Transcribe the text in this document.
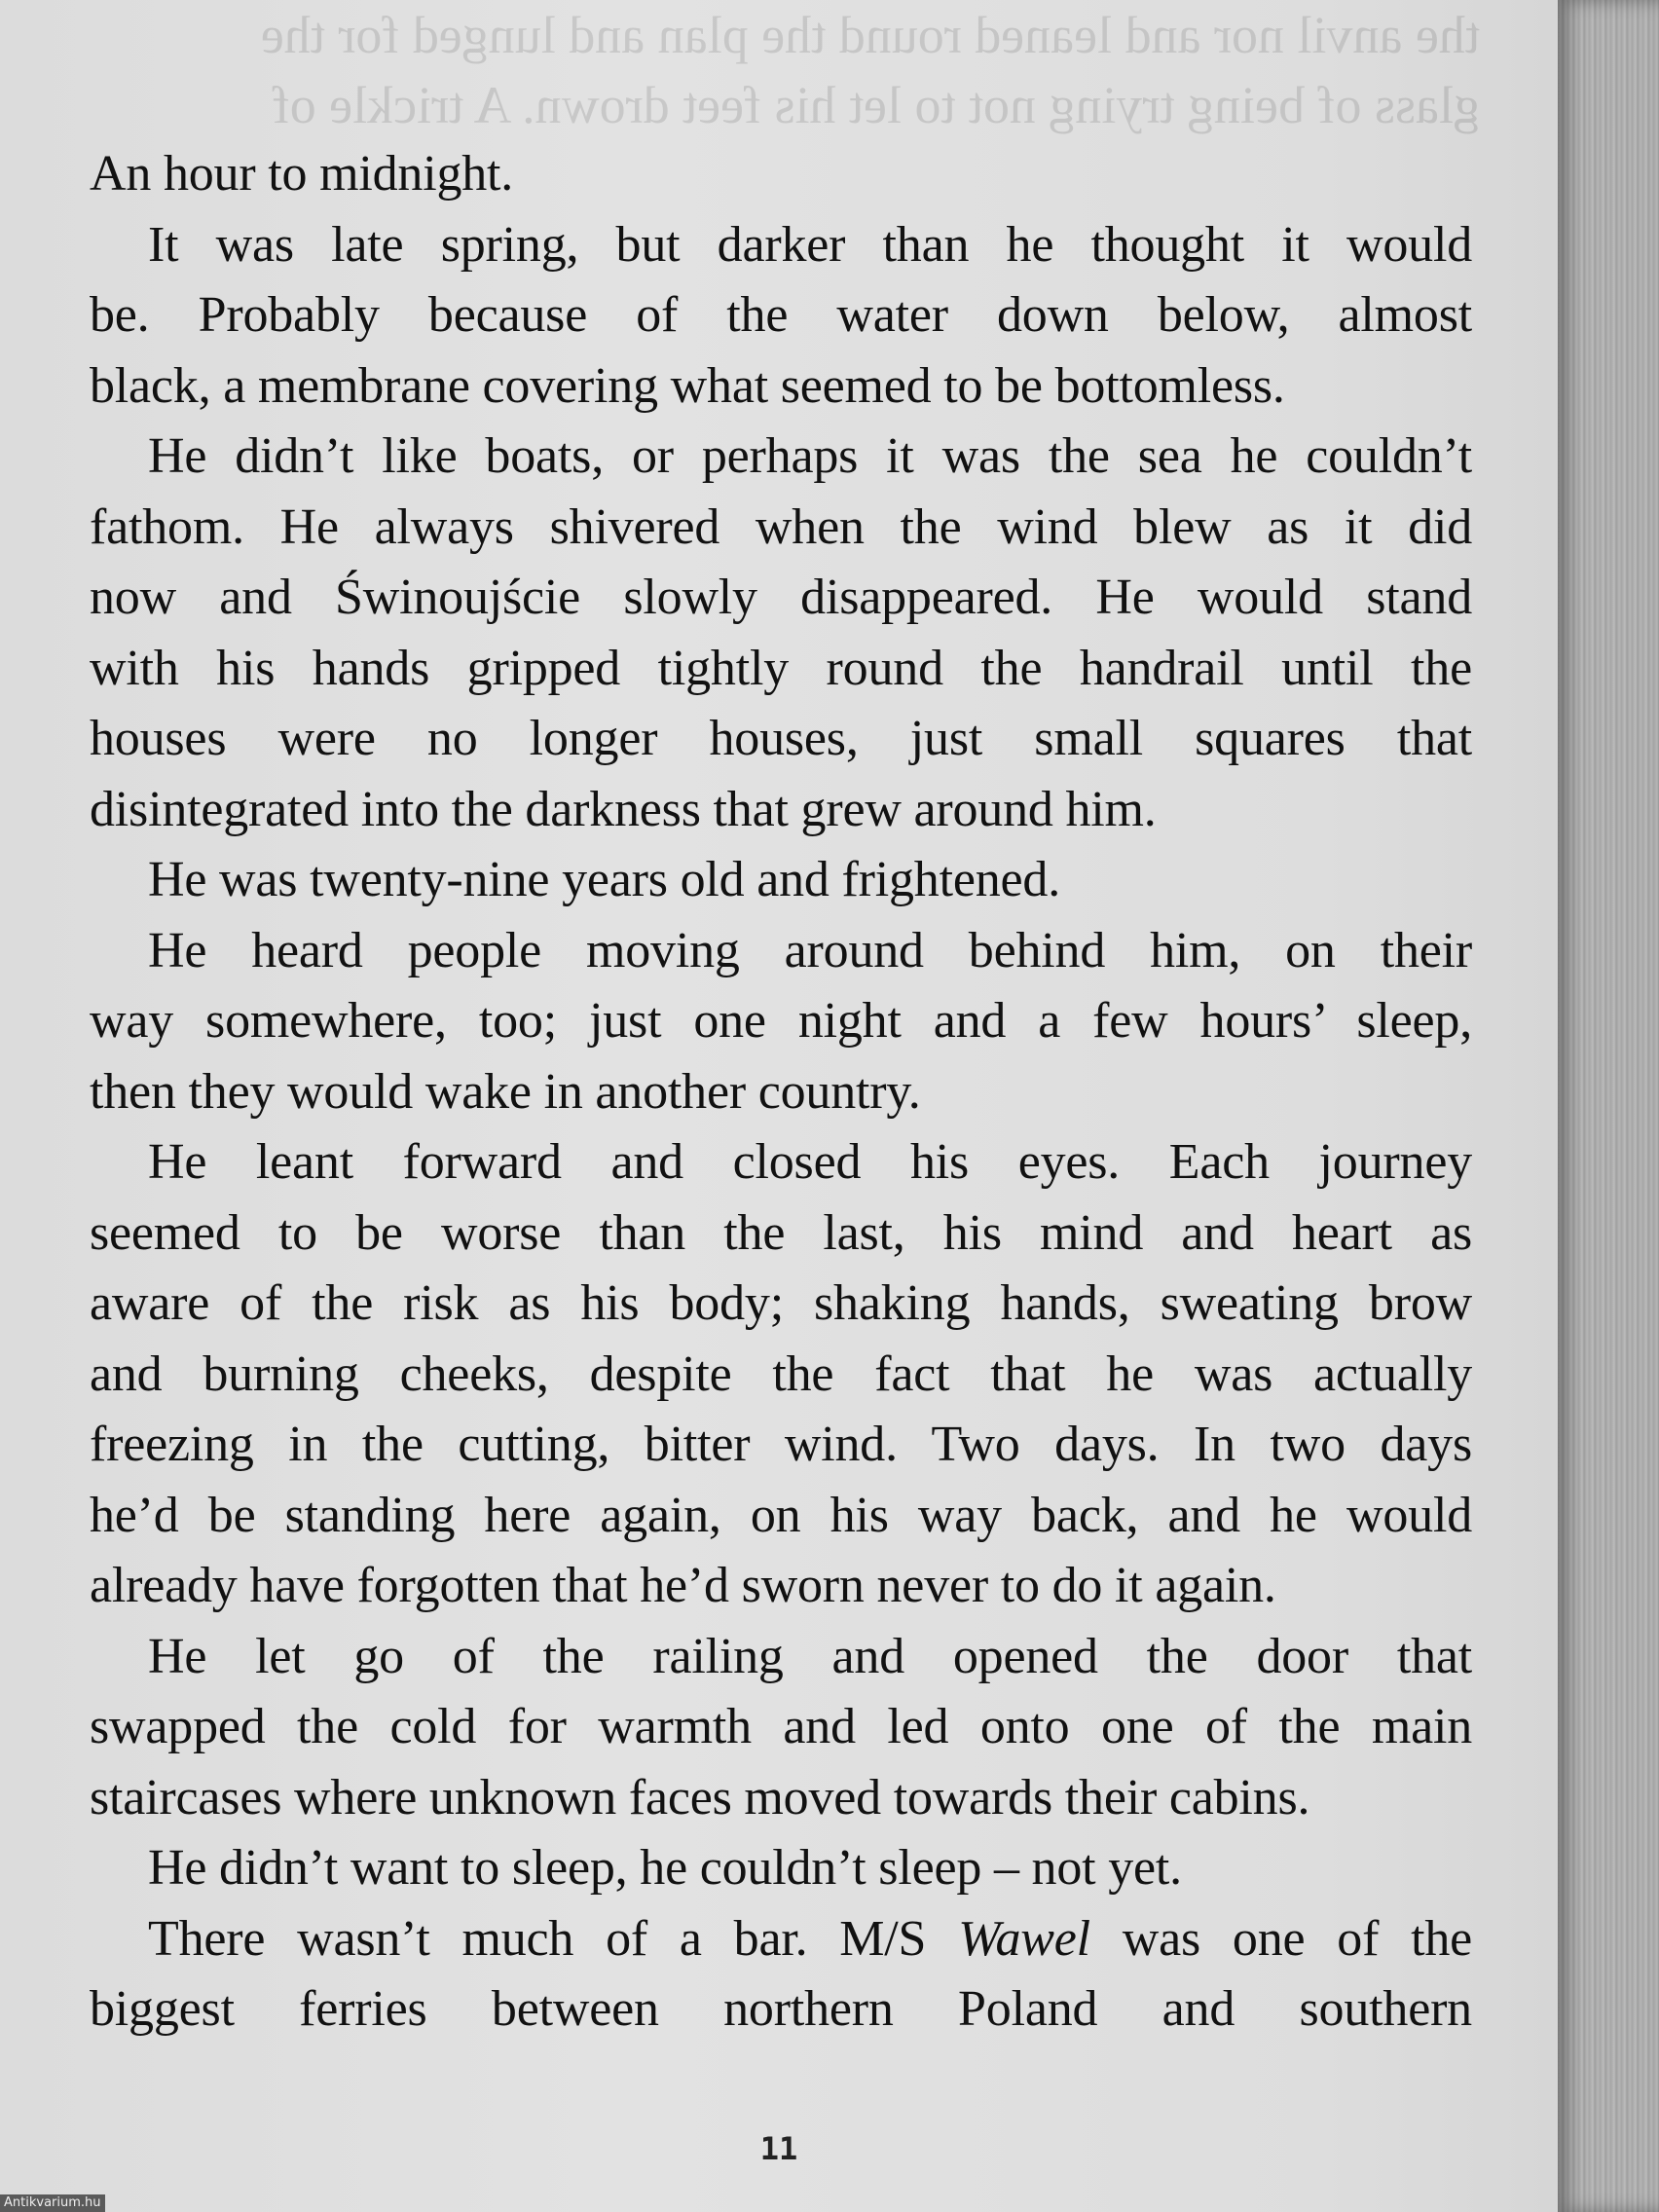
the anvil nor and leaned round the plan and lunged for the
glass of being trying not to let his feet drown. A trickle of
An hour to midnight.
It was late spring, but darker than he thought it would
be. Probably because of the water down below, almost
black, a membrane covering what seemed to be bottomless.
He didn’t like boats, or perhaps it was the sea he couldn’t
fathom. He always shivered when the wind blew as it did
now and Świnoujście slowly disappeared. He would stand
with his hands gripped tightly round the handrail until the
houses were no longer houses, just small squares that
disintegrated into the darkness that grew around him.
He was twenty-nine years old and frightened.
He heard people moving around behind him, on their
way somewhere, too; just one night and a few hours’ sleep,
then they would wake in another country.
He leant forward and closed his eyes. Each journey
seemed to be worse than the last, his mind and heart as
aware of the risk as his body; shaking hands, sweating brow
and burning cheeks, despite the fact that he was actually
freezing in the cutting, bitter wind. Two days. In two days
he’d be standing here again, on his way back, and he would
already have forgotten that he’d sworn never to do it again.
He let go of the railing and opened the door that
swapped the cold for warmth and led onto one of the main
staircases where unknown faces moved towards their cabins.
He didn’t want to sleep, he couldn’t sleep – not yet.
There wasn’t much of a bar. M/S Wawel was one of the
biggest ferries between northern Poland and southern
11
Antikvarium.hu
